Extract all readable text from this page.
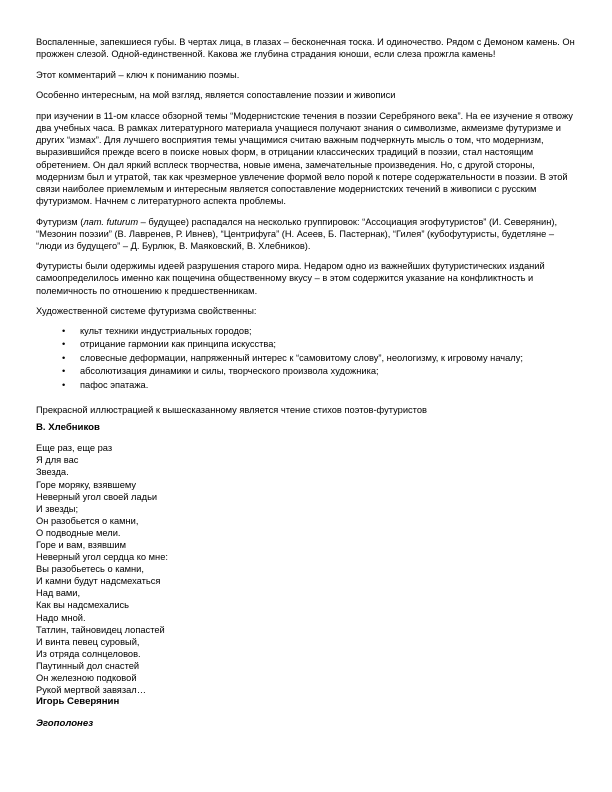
Воспаленные, запекшиеся губы. В чертах лица, в глазах – бесконечная тоска. И одиночество. Рядом с Демоном камень. Он прожжен слезой. Одной-единственной. Какова же глубина страдания юноши, если слеза прожгла камень!

Этот комментарий – ключ к пониманию поэмы.

Особенно интересным, на мой взгляд, является сопоставление поэзии и живописи

при изучении в 11-ом классе обзорной темы “Модернистские течения в поэзии Серебряного века”. На ее изучение я отвожу два учебных часа. В рамках литературного материала учащиеся получают знания о символизме, акмеизме футуризме и других “измах”. Для лучшего восприятия темы учащимися считаю важным подчеркнуть мысль о том, что модернизм, выразившийся прежде всего в поиске новых форм, в отрицании классических традиций в поэзии, стал настоящим обретением. Он дал яркий всплеск творчества, новые имена, замечательные произведения. Но, с другой стороны, модернизм был и утратой, так как чрезмерное увлечение формой вело порой к потере содержательности в поэзии. В этой связи наиболее приемлемым и интересным является сопоставление модернистских течений в живописи с русским футуризмом. Начнем с литературного аспекта проблемы.

Футуризм (лат. futurum – будущее) распадался на несколько группировок: “Ассоциация эгофутуристов” (И. Северянин), “Мезонин поэзии” (В. Лавренев, Р. Ивнев), “Центрифуга” (Н. Асеев, Б. Пастернак), “Гилея” (кубофутуристы, будетляне – “люди из будущего” – Д. Бурлюк, В. Маяковский, В. Хлебников).

Футуристы были одержимы идеей разрушения старого мира. Недаром одно из важнейших футуристических изданий самоопределилось именно как пощечина общественному вкусу – в этом содержится указание на конфликтность и полемичность по отношению к предшественникам.

Художественной системе футуризма свойственны:

• культ техники индустриальных городов;
• отрицание гармонии как принципа искусства;
• словесные деформации, напряженный интерес к “самовитому слову”, неологизму, к игровому началу;
• абсолютизация динамики и силы, творческого произвола художника;
• пафос эпатажа.

Прекрасной иллюстрацией к вышесказанному является чтение стихов поэтов-футуристов

В. Хлебников
Еще раз, еще раз
Я для вас
Звезда.
Горе моряку, взявшему
Неверный угол своей ладьи
И звезды;
Он разобьется о камни,
О подводные мели.
Горе и вам, взявшим
Неверный угол сердца ко мне:
Вы разобьетесь о камни,
И камни будут надсмехаться
Над вами,
Как вы надсмехались
Надо мной.
Татлин, тайновидец лопастей
И винта певец суровый,
Из отряда солнцеловов.
Паутинный дол снастей
Он железною подковой
Рукой мертвой завязал…
Игорь Северянин
Эгополонез
